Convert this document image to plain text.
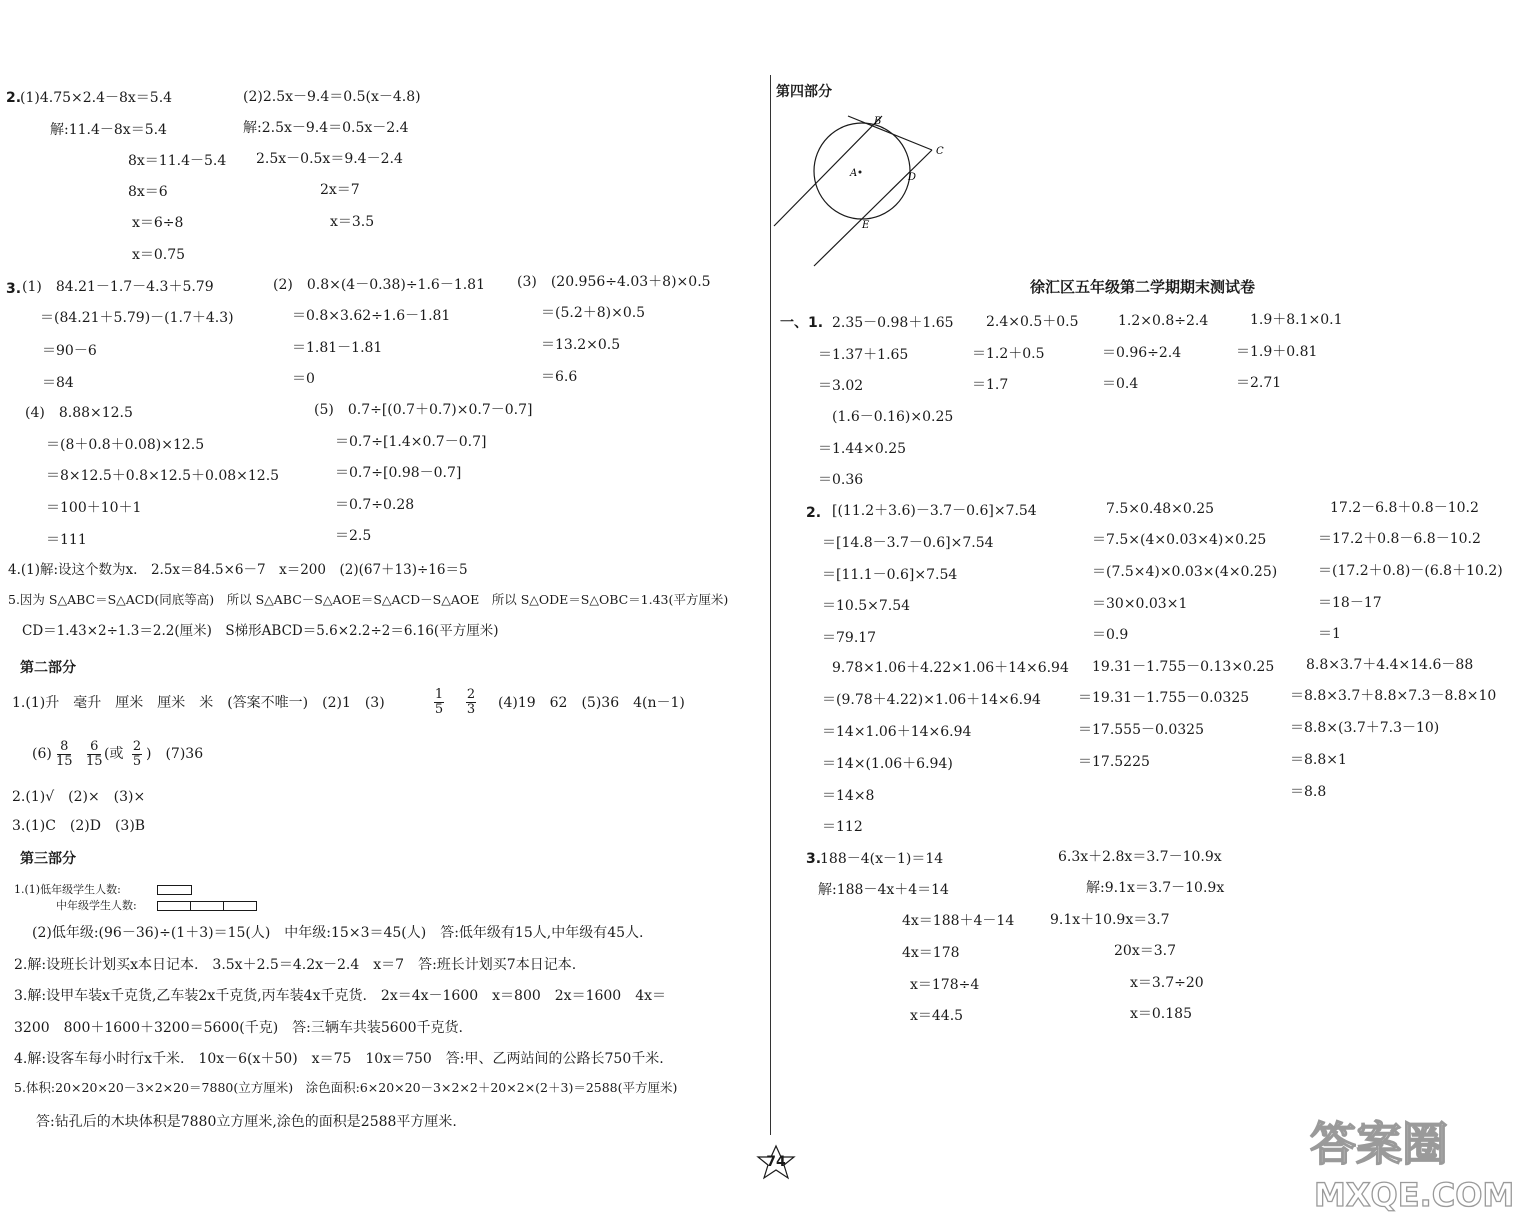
2.
(1)4.75×2.4－8x＝5.4
解:11.4－8x＝5.4
8x＝11.4－5.4
8x＝6
x＝6÷8
x＝0.75
(2)2.5x－9.4＝0.5(x－4.8)
解:2.5x－9.4＝0.5x－2.4
2.5x－0.5x＝9.4－2.4
2x＝7
x＝3.5
3. (1)　84.21－1.7－4.3＋5.79
＝(84.21＋5.79)－(1.7＋4.3)
＝90－6
＝84
(2)　0.8×(4－0.38)÷1.6－1.81
＝0.8×3.62÷1.6－1.81
＝1.81－1.81
＝0
(3)　(20.956÷4.03＋8)×0.5
＝(5.2＋8)×0.5
＝13.2×0.5
＝6.6
(4)　8.88×12.5
＝(8＋0.8＋0.08)×12.5
＝8×12.5＋0.8×12.5＋0.08×12.5
＝100＋10＋1
＝111
(5)　0.7÷[(0.7＋0.7)×0.7－0.7]
＝0.7÷[1.4×0.7－0.7]
＝0.7÷[0.98－0.7]
＝0.7÷0.28
＝2.5
4.(1)解:设这个数为x.　2.5x＝84.5×6－7　x＝200　(2)(67＋13)÷16＝5
5.因为 S△ABC＝S△ACD(同底等高)　所以 S△ABC－S△AOE＝S△ACD－S△AOE　所以 S△ODE＝S△OBC＝1.43(平方厘米)
CD＝1.43×2÷1.3＝2.2(厘米)　S梯形ABCD＝5.6×2.2÷2＝6.16(平方厘米)
第二部分
1.(1)升　毫升　厘米　厘米　米　(答案不唯一)　(2)1　(3)
1
5
2
3 (4)19　62　(5)36　4(n－1)
(6) 8
15
6
15 (或 2
5 )　(7)36
2.(1)√　(2)×　(3)×
3.(1)C　(2)D　(3)B
第三部分
1.(1)低年级学生人数:
中年级学生人数:
(2)低年级:(96－36)÷(1＋3)＝15(人)　中年级:15×3＝45(人)　答:低年级有15人,中年级有45人.
2.解:设班长计划买x本日记本.　3.5x＋2.5＝4.2x－2.4　x＝7　答:班长计划买7本日记本.
3.解:设甲车装x千克货,乙车装2x千克货,丙车装4x千克货.　2x＝4x－1600　x＝800　2x＝1600　4x＝
3200　800＋1600＋3200＝5600(千克)　答:三辆车共装5600千克货.
4.解:设客车每小时行x千米.　10x－6(x＋50)　x＝75　10x＝750　答:甲、乙两站间的公路长750千米.
5.体积:20×20×20－3×2×20＝7880(立方厘米)　涂色面积:6×20×20－3×2×2＋20×2×(2＋3)＝2588(平方厘米)
答:钻孔后的木块体积是7880立方厘米,涂色的面积是2588平方厘米.
第四部分
B
C
A	D
E
徐汇区五年级第二学期期末测试卷
一、1. 2.35－0.98＋1.65
＝1.37＋1.65
＝3.02
2.4×0.5＋0.5
＝1.2＋0.5
＝1.7
1.2×0.8÷2.4
＝0.96÷2.4
＝0.4
1.9＋8.1×0.1
＝1.9＋0.81
＝2.71
(1.6－0.16)×0.25
＝1.44×0.25
＝0.36
2. [(11.2＋3.6)－3.7－0.6]×7.54
＝[14.8－3.7－0.6]×7.54
＝[11.1－0.6]×7.54
＝10.5×7.54
＝79.17
7.5×0.48×0.25
＝7.5×(4×0.03×4)×0.25
＝(7.5×4)×0.03×(4×0.25)
＝30×0.03×1
＝0.9
17.2－6.8＋0.8－10.2
＝17.2＋0.8－6.8－10.2
＝(17.2＋0.8)－(6.8＋10.2)
＝18－17
＝1
9.78×1.06＋4.22×1.06＋14×6.94
＝(9.78＋4.22)×1.06＋14×6.94
＝14×1.06＋14×6.94
＝14×(1.06＋6.94)
＝14×8
＝112
19.31－1.755－0.13×0.25
＝19.31－1.755－0.0325
＝17.555－0.0325
＝17.5225
8.8×3.7＋4.4×14.6－88
＝8.8×3.7＋8.8×7.3－8.8×10
＝8.8×(3.7＋7.3－10)
＝8.8×1
＝8.8
3.
188－4(x－1)＝14
解:188－4x＋4＝14
4x＝188＋4－14
4x＝178
x＝178÷4
x＝44.5
6.3x＋2.8x＝3.7－10.9x
解:9.1x＝3.7－10.9x
9.1x＋10.9x＝3.7
20x＝3.7
x＝3.7÷20
x＝0.185
74	答案圈
MXQE.COM
